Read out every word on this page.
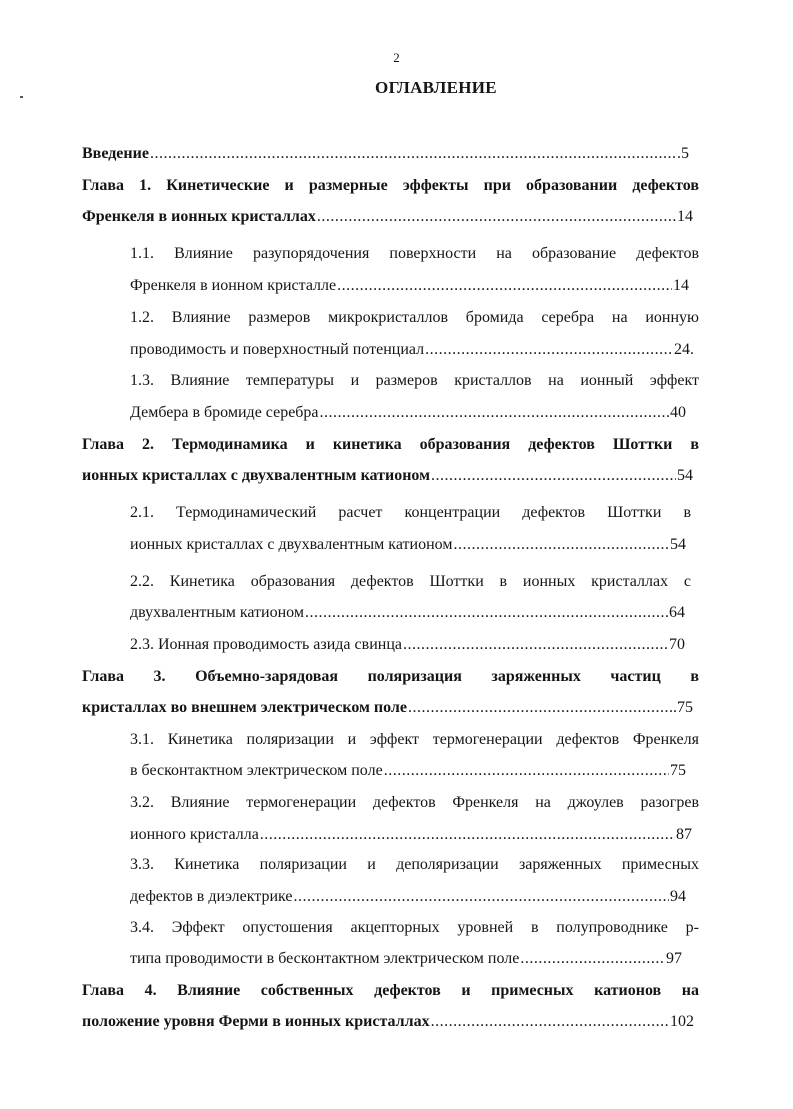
2
ОГЛАВЛЕНИЕ
Введение .....	.5
Глава 1. Кинетические и размерные эффекты при образовании дефектов
Френкеля в ионных кристаллах .....	14
1.1. Влияние разупорядочения поверхности на образование дефектов
Френкеля в ионном кристалле .....	14
1.2. Влияние размеров микрокристаллов бромида серебра на ионную
проводимость и поверхностный потенциал .....	24.
1.3. Влияние температуры и размеров кристаллов на ионный эффект
Дембера в бромиде серебра .....	40
Глава 2. Термодинамика и кинетика образования дефектов Шоттки в
ионных кристаллах с двухвалентным катионом .....	54
2.1. Термодинамический расчет концентрации дефектов Шоттки в
ионных кристаллах с двухвалентным катионом .....	54
2.2. Кинетика образования дефектов Шоттки в ионных кристаллах с
двухвалентным катионом .....	64
2.3. Ионная проводимость азида свинца .....	70
Глава 3. Объемно-зарядовая поляризация заряженных частиц в
кристаллах во внешнем электрическом поле .....	.75
3.1. Кинетика поляризации и эффект термогенерации дефектов Френкеля
в бесконтактном электрическом поле .....	75
3.2. Влияние термогенерации дефектов Френкеля на джоулев разогрев
ионного кристалла .....	87
3.3. Кинетика поляризации и деполяризации заряженных примесных
дефектов в диэлектрике .....	94
3.4. Эффект опустошения акцепторных уровней в полупроводнике p-
типа проводимости в бесконтактном электрическом поле .....	97
Глава 4. Влияние собственных дефектов и примесных катионов на
положение уровня Ферми в ионных кристаллах .....	102
